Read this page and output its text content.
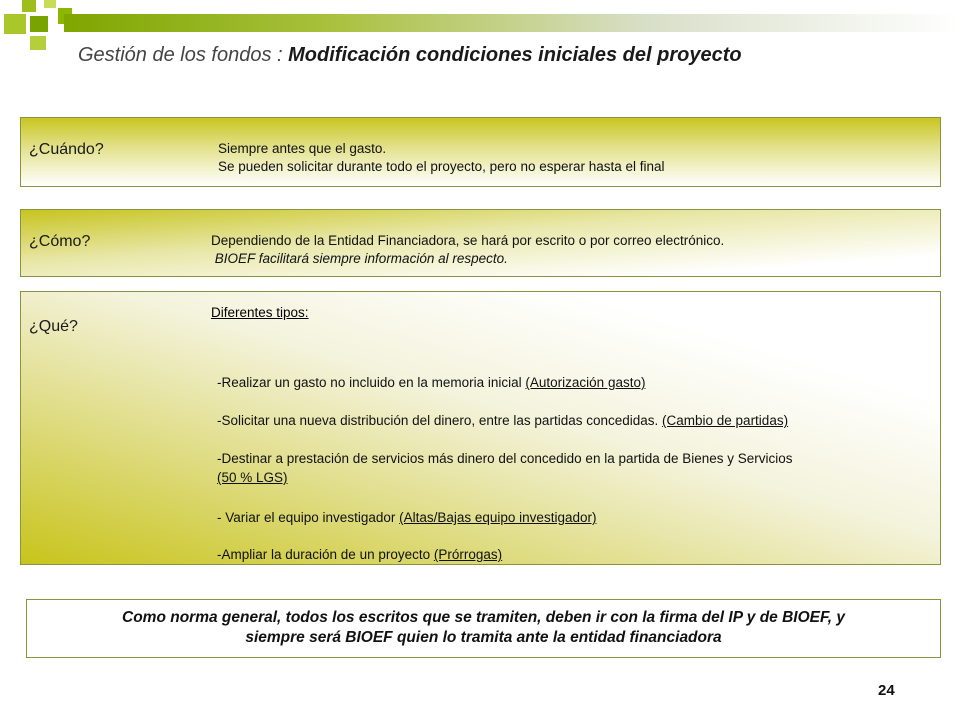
Gestión de los fondos : Modificación condiciones iniciales del proyecto
¿Cuándo?	Siempre antes que el gasto.
Se pueden solicitar durante todo el proyecto, pero no esperar hasta el final
¿Cómo?	Dependiendo de la Entidad Financiadora, se hará por escrito o por correo electrónico.
BIOEF facilitará siempre información al respecto.
¿Qué?
Diferentes tipos:
-Realizar un gasto no incluido en la memoria inicial (Autorización gasto)
-Solicitar una nueva distribución del dinero, entre las partidas concedidas. (Cambio de partidas)
-Destinar a prestación de servicios más dinero del concedido en la partida de Bienes y Servicios
(50 % LGS)
- Variar el equipo investigador (Altas/Bajas equipo investigador)
-Ampliar la duración de un proyecto (Prórrogas)
Como norma general, todos los escritos que se tramiten, deben ir con la firma del IP y de BIOEF, y
siempre será BIOEF quien lo tramita ante la entidad financiadora
24
